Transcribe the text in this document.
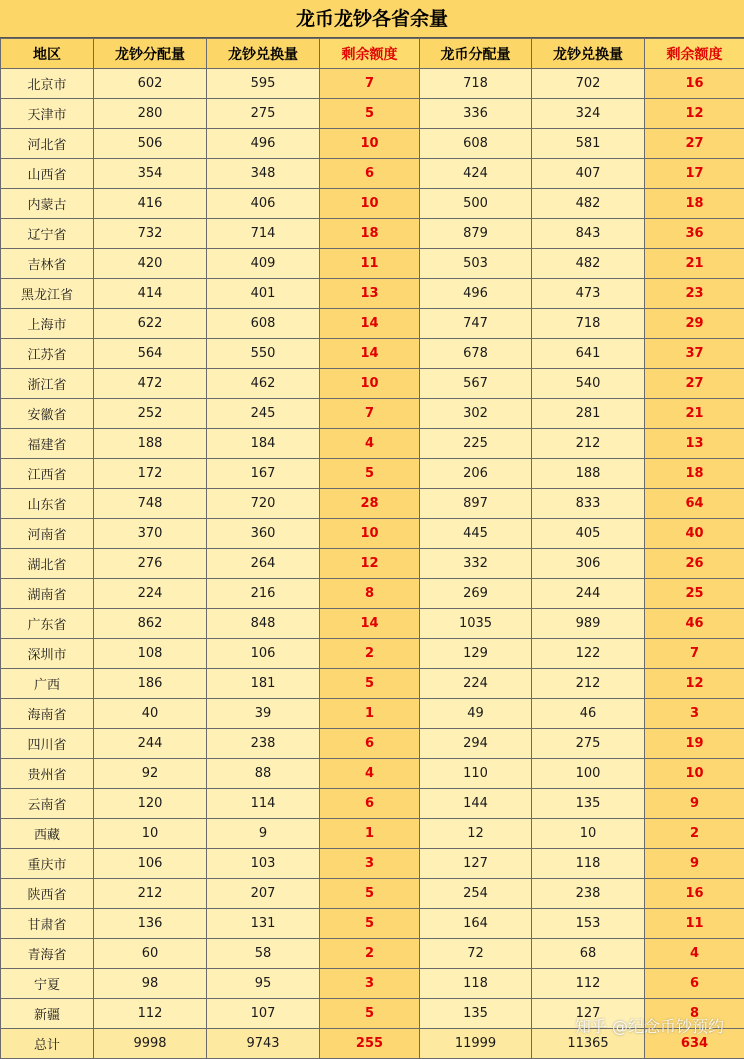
龙币龙钞各省余量
地区	龙钞分配量	龙钞兑换量	剩余额度	龙币分配量	龙钞兑换量	剩余额度
北京市	602	595	7	718	702	16
天津市	280	275	5	336	324	12
河北省	506	496	10	608	581	27
山西省	354	348	6	424	407	17
内蒙古	416	406	10	500	482	18
辽宁省	732	714	18	879	843	36
吉林省	420	409	11	503	482	21
黑龙江省	414	401	13	496	473	23
上海市	622	608	14	747	718	29
江苏省	564	550	14	678	641	37
浙江省	472	462	10	567	540	27
安徽省	252	245	7	302	281	21
福建省	188	184	4	225	212	13
江西省	172	167	5	206	188	18
山东省	748	720	28	897	833	64
河南省	370	360	10	445	405	40
湖北省	276	264	12	332	306	26
湖南省	224	216	8	269	244	25
广东省	862	848	14	1035	989	46
深圳市	108	106	2	129	122	7
广西	186	181	5	224	212	12
海南省	40	39	1	49	46	3
四川省	244	238	6	294	275	19
贵州省	92	88	4	110	100	10
云南省	120	114	6	144	135	9
西藏	10	9	1	12	10	2
重庆市	106	103	3	127	118	9
陕西省	212	207	5	254	238	16
甘肃省	136	131	5	164	153	11
青海省	60	58	2	72	68	4
宁夏	98	95	3	118	112	6
新疆	112	107	5	135	127	8
总计	9998	9743	255	11999	11365	634
知乎 @纪念币钞预约
